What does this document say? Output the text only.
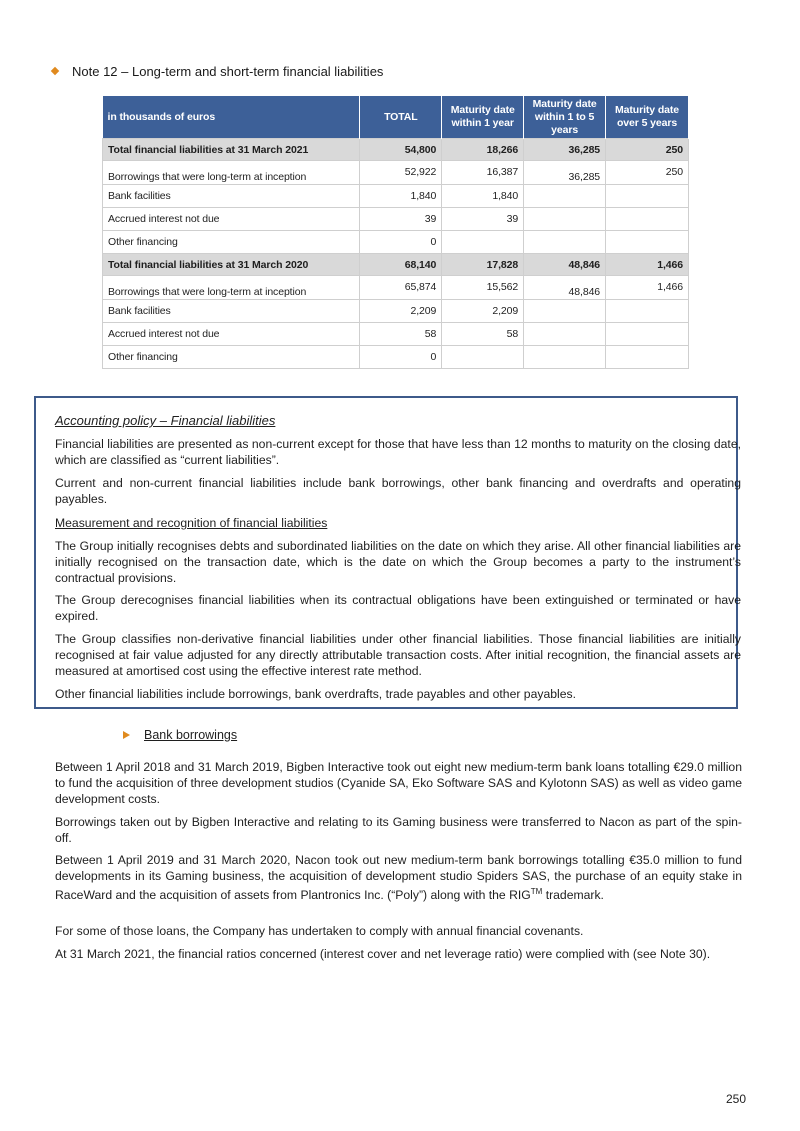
Note 12 – Long-term and short-term financial liabilities
in thousands of euros	TOTAL	Maturity date within 1 year	Maturity date within 1 to 5 years	Maturity date over 5 years
Total financial liabilities at 31 March 2021	54,800	18,266	36,285	250
Borrowings that were long-term at inception	52,922	16,387	36,285	250
Bank facilities	1,840	1,840		
Accrued interest not due	39	39		
Other financing	0			
Total financial liabilities at 31 March 2020	68,140	17,828	48,846	1,466
Borrowings that were long-term at inception	65,874	15,562	48,846	1,466
Bank facilities	2,209	2,209		
Accrued interest not due	58	58		
Other financing	0			
Accounting policy – Financial liabilities
Financial liabilities are presented as non-current except for those that have less than 12 months to maturity on the closing date, which are classified as “current liabilities”.
Current and non-current financial liabilities include bank borrowings, other bank financing and overdrafts and operating payables.
Measurement and recognition of financial liabilities
The Group initially recognises debts and subordinated liabilities on the date on which they arise. All other financial liabilities are initially recognised on the transaction date, which is the date on which the Group becomes a party to the instrument’s contractual provisions.
The Group derecognises financial liabilities when its contractual obligations have been extinguished or terminated or have expired.
The Group classifies non-derivative financial liabilities under other financial liabilities. Those financial liabilities are initially recognised at fair value adjusted for any directly attributable transaction costs. After initial recognition, the financial assets are measured at amortised cost using the effective interest rate method.
Other financial liabilities include borrowings, bank overdrafts, trade payables and other payables.
Bank borrowings
Between 1 April 2018 and 31 March 2019, Bigben Interactive took out eight new medium-term bank loans totalling €29.0 million to fund the acquisition of three development studios (Cyanide SA, Eko Software SAS and Kylotonn SAS) as well as video game development costs.
Borrowings taken out by Bigben Interactive and relating to its Gaming business were transferred to Nacon as part of the spin-off.
Between 1 April 2019 and 31 March 2020, Nacon took out new medium-term bank borrowings totalling €35.0 million to fund developments in its Gaming business, the acquisition of development studio Spiders SAS, the purchase of an equity stake in RaceWard and the acquisition of assets from Plantronics Inc. (“Poly”) along with the RIG™ trademark.
For some of those loans, the Company has undertaken to comply with annual financial covenants.
At 31 March 2021, the financial ratios concerned (interest cover and net leverage ratio) were complied with (see Note 30).
250
